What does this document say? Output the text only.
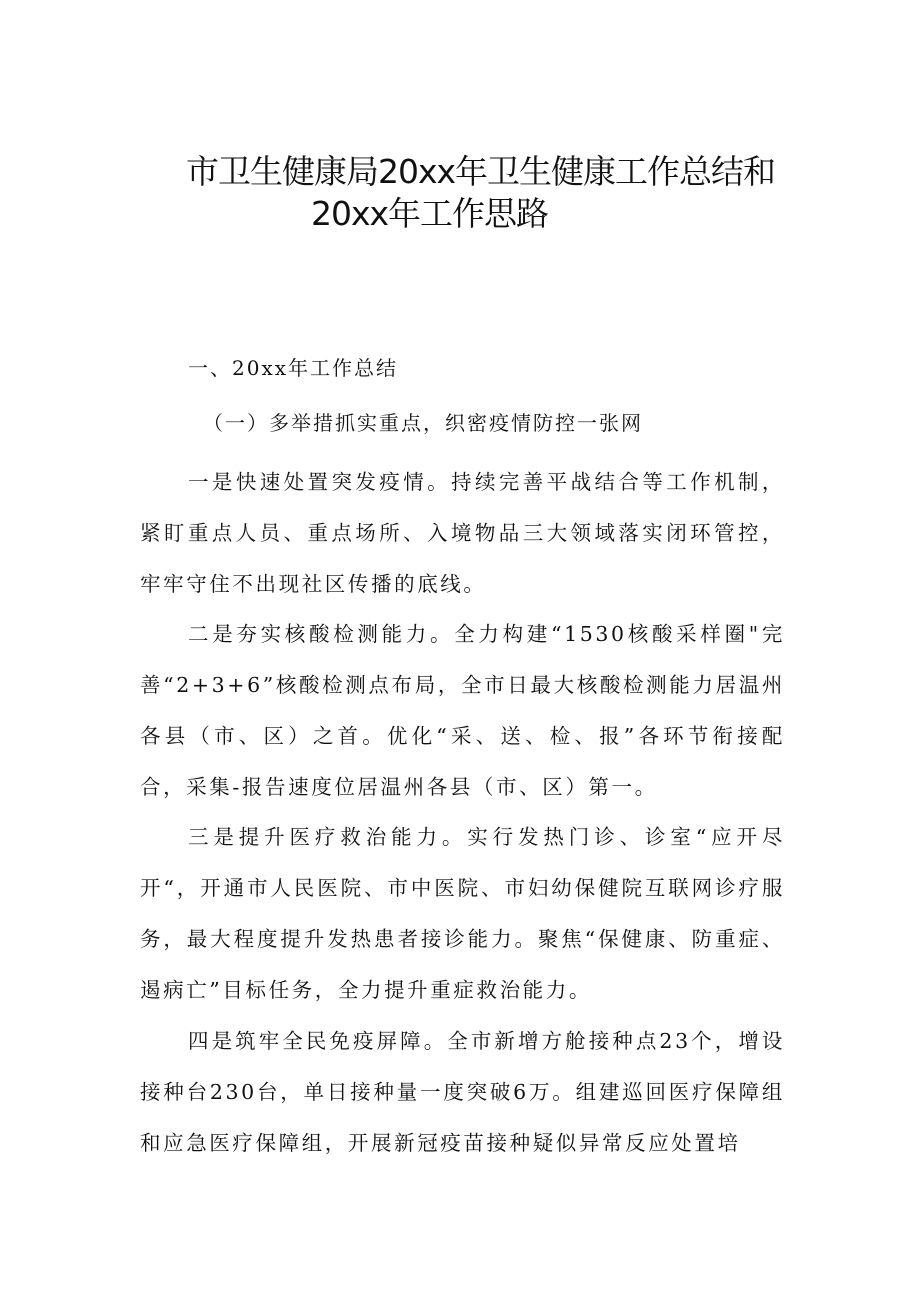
市卫生健康局20xx年卫生健康工作总结和
20xx年工作思路
一、20xx年工作总结
（一）多举措抓实重点，织密疫情防控一张网

一是快速处置突发疫情。持续完善平战结合等工作机制，紧盯重点人员、重点场所、入境物品三大领域落实闭环管控，牢牢守住不出现社区传播的底线。

二是夯实核酸检测能力。全力构建“1530核酸采样圈"完善“2+3+6”核酸检测点布局，全市日最大核酸检测能力居温州各县（市、区）之首。优化“采、送、检、报”各环节衔接配合，采集-报告速度位居温州各县（市、区）第一。

三是提升医疗救治能力。实行发热门诊、诊室“应开尽开“，开通市人民医院、市中医院、市妇幼保健院互联网诊疗服务，最大程度提升发热患者接诊能力。聚焦“保健康、防重症、遏病亡”目标任务，全力提升重症救治能力。

四是筑牢全民免疫屏障。全市新增方舱接种点23个，增设接种台230台，单日接种量一度突破6万。组建巡回医疗保障组和应急医疗保障组，开展新冠疫苗接种疑似异常反应处置培
